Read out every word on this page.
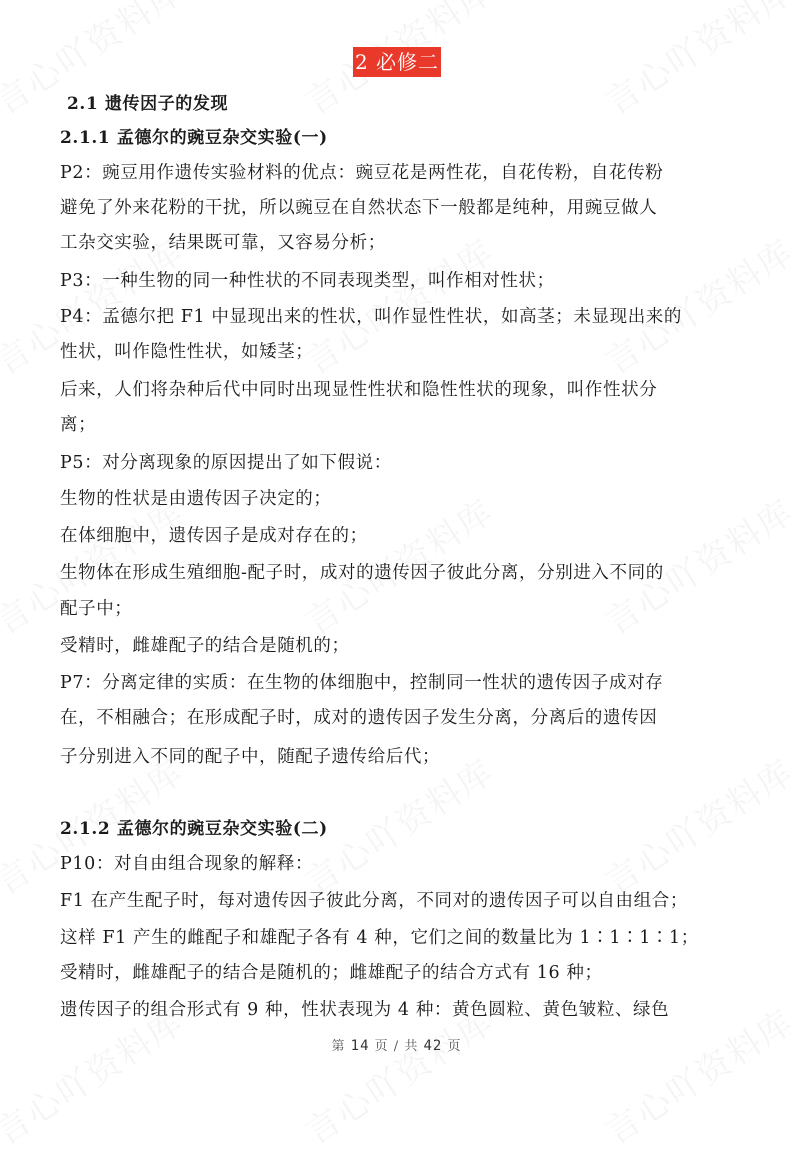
2 必修二
2.1 遗传因子的发现
2.1.1 孟德尔的豌豆杂交实验(一)
P2：豌豆用作遗传实验材料的优点：豌豆花是两性花，自花传粉，自花传粉
避免了外来花粉的干扰，所以豌豆在自然状态下一般都是纯种，用豌豆做人
工杂交实验，结果既可靠，又容易分析；
P3：一种生物的同一种性状的不同表现类型，叫作相对性状；
P4：孟德尔把 F1 中显现出来的性状，叫作显性性状，如高茎；未显现出来的
性状，叫作隐性性状，如矮茎；
后来，人们将杂种后代中同时出现显性性状和隐性性状的现象，叫作性状分
离；
P5：对分离现象的原因提出了如下假说：
生物的性状是由遗传因子决定的；
在体细胞中，遗传因子是成对存在的；
生物体在形成生殖细胞-配子时，成对的遗传因子彼此分离，分别进入不同的
配子中；
受精时，雌雄配子的结合是随机的；
P7：分离定律的实质：在生物的体细胞中，控制同一性状的遗传因子成对存
在，不相融合；在形成配子时，成对的遗传因子发生分离，分离后的遗传因
子分别进入不同的配子中，随配子遗传给后代；
2.1.2 孟德尔的豌豆杂交实验(二)
P10：对自由组合现象的解释：
F1 在产生配子时，每对遗传因子彼此分离，不同对的遗传因子可以自由组合；
这样 F1 产生的雌配子和雄配子各有 4 种，它们之间的数量比为 1∶1∶1∶1；
受精时，雌雄配子的结合是随机的；雌雄配子的结合方式有 16 种；
遗传因子的组合形式有 9 种，性状表现为 4 种：黄色圆粒、黄色皱粒、绿色
第 14 页 / 共 42 页
